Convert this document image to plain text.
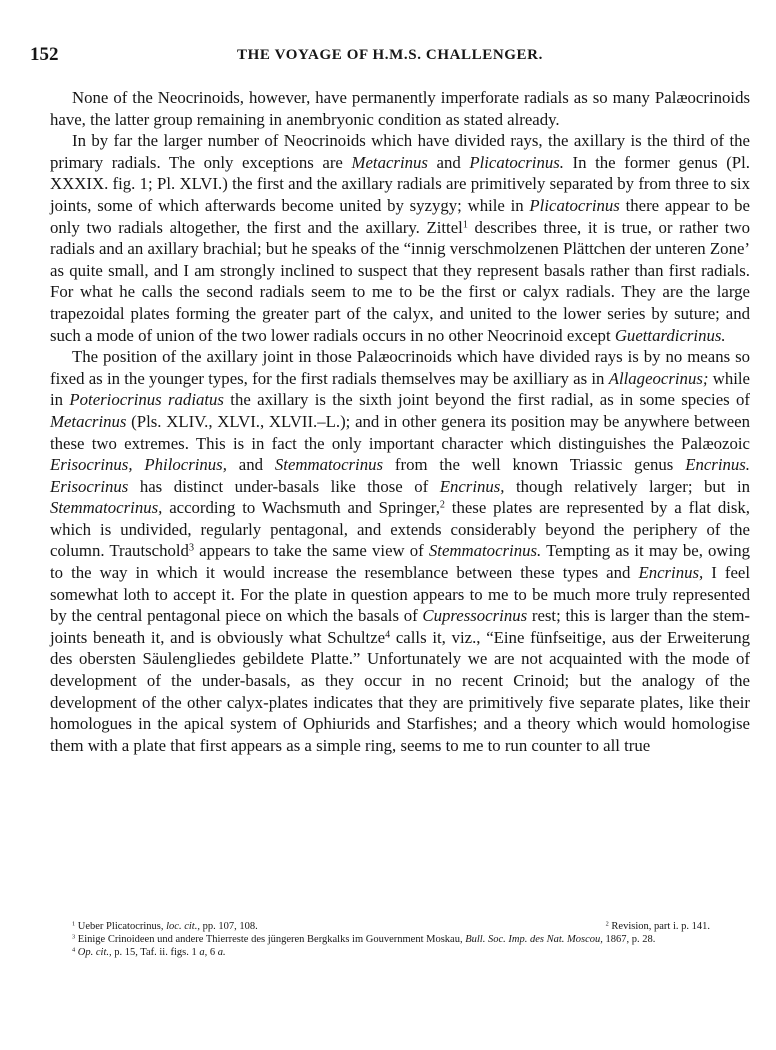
152	THE VOYAGE OF H.M.S. CHALLENGER.

None of the Neocrinoids, however, have permanently imperforate radials as so many Palæocrinoids have, the latter group remaining in anembryonic condition as stated already.

In by far the larger number of Neocrinoids which have divided rays, the axillary is the third of the primary radials. The only exceptions are Metacrinus and Plicatocrinus. In the former genus (Pl. XXXIX. fig. 1; Pl. XLVI.) the first and the axillary radials are primitively separated by from three to six joints, some of which afterwards become united by syzygy; while in Plicatocrinus there appear to be only two radials altogether, the first and the axillary. Zittel$^1$ describes three, it is true, or rather two radials and an axillary brachial; but he speaks of the “innig verschmolzenen Plättchen der unteren Zone’ as quite small, and I am strongly inclined to suspect that they represent basals rather than first radials. For what he calls the second radials seem to me to be the first or calyx radials. They are the large trapezoidal plates forming the greater part of the calyx, and united to the lower series by suture; and such a mode of union of the two lower radials occurs in no other Neocrinoid except Guettardicrinus.

The position of the axillary joint in those Palæocrinoids which have divided rays is by no means so fixed as in the younger types, for the first radials themselves may be axilliary as in Allageocrinus; while in Poteriocrinus radiatus the axillary is the sixth joint beyond the first radial, as in some species of Metacrinus (Pls. XLIV., XLVI., XLVII.–L.); and in other genera its position may be anywhere between these two extremes. This is in fact the only important character which distinguishes the Palæozoic Erisocrinus, Philocrinus, and Stemmatocrinus from the well known Triassic genus Encrinus. Erisocrinus has distinct under-basals like those of Encrinus, though relatively larger; but in Stemmatocrinus, according to Wachsmuth and Springer,$^2$ these plates are represented by a flat disk, which is undivided, regularly pentagonal, and extends considerably beyond the periphery of the column. Trautschold$^3$ appears to take the same view of Stemmatocrinus. Tempting as it may be, owing to the way in which it would increase the resemblance between these types and Encrinus, I feel somewhat loth to accept it. For the plate in question appears to me to be much more truly represented by the central pentagonal piece on which the basals of Cupressocrinus rest; this is larger than the stem-joints beneath it, and is obviously what Schultze$^4$ calls it, viz., “Eine fünfseitige, aus der Erweiterung des obersten Säulengliedes gebildete Platte.” Unfortunately we are not acquainted with the mode of development of the under-basals, as they occur in no recent Crinoid; but the analogy of the development of the other calyx-plates indicates that they are primitively five separate plates, like their homologues in the apical system of Ophiurids and Starfishes; and a theory which would homologise them with a plate that first appears as a simple ring, seems to me to run counter to all true

$^1$ Ueber Plicatocrinus, loc. cit., pp. 107, 108.	$^2$ Revision, part i. p. 141.

$^3$ Einige Crinoideen und andere Thierreste des jüngeren Bergkalks im Gouvernment Moskau, Bull. Soc. Imp. des Nat. Moscou, 1867, p. 28.

$^4$ Op. cit., p. 15, Taf. ii. figs. 1 a, 6 a.
